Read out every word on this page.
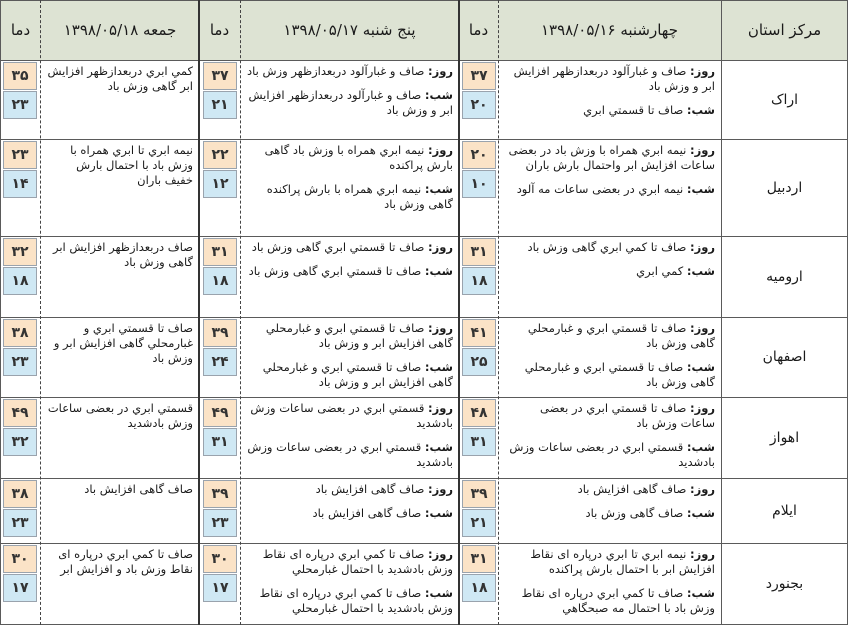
مرکز استان
چهارشنبه ۱۳۹۸/۰۵/۱۶
دما
پنج شنبه ۱۳۹۸/۰۵/۱۷
دما
جمعه ۱۳۹۸/۰۵/۱۸
دما
اراک
روز: صاف و غبارآلود دربعدازظهر افزايش ابر و وزش باد
شب: صاف تا قسمتي ابري
۳۷
۲۰
روز: صاف و غبارآلود دربعدازظهر وزش باد
شب: صاف و غبارآلود دربعدازظهر افزايش ابر و وزش باد
۳۷
۲۱
کمي ابري دربعدازظهر افزايش ابر گاهی وزش باد
۳۵
۲۳
اردبیل
روز: نيمه ابري همراه با وزش باد در بعضی ساعات افزايش ابر واحتمال بارش باران
شب: نيمه ابري در بعضی ساعات مه آلود
۲۰
۱۰
روز: نيمه ابري همراه با وزش باد گاهی بارش پراكنده
شب: نيمه ابري همراه با بارش پراكنده گاهی وزش باد
۲۲
۱۲
نيمه ابري تا ابري همراه با وزش باد با احتمال بارش خفيف باران
۲۳
۱۴
ارومیه
روز: صاف تا كمي ابري گاهی وزش باد
شب: كمي ابري
۳۱
۱۸
روز: صاف تا قسمتي ابري گاهی وزش باد
شب: صاف تا قسمتي ابري گاهی وزش باد
۳۱
۱۸
صاف دربعدازظهر افزايش ابر گاهی وزش باد
۳۲
۱۸
اصفهان
روز: صاف تا قسمتي ابري و غبارمحلي گاهی وزش باد
شب: صاف تا قسمتي ابري و غبارمحلي گاهی وزش باد
۴۱
۲۵
روز: صاف تا قسمتي ابري و غبارمحلي گاهی افزايش ابر و وزش باد
شب: صاف تا قسمتي ابري و غبارمحلي گاهی افزايش ابر و وزش باد
۳۹
۲۴
صاف تا قسمتي ابري و غبارمحلي گاهی افزايش ابر و وزش باد
۳۸
۲۳
اهواز
روز: صاف تا قسمتي ابري در بعضی ساعات وزش باد
شب: قسمتي ابري در بعضی ساعات وزش بادشديد
۴۸
۳۱
روز: قسمتي ابري در بعضی ساعات وزش بادشديد
شب: قسمتي ابري در بعضی ساعات وزش بادشديد
۴۹
۳۱
قسمتي ابري در بعضی ساعات وزش بادشديد
۴۹
۳۲
ایلام
روز: صاف گاهی افزايش باد
شب: صاف گاهی وزش باد
۳۹
۲۱
روز: صاف گاهی افزايش باد
شب: صاف گاهی افزايش باد
۳۹
۲۳
صاف گاهی افزايش باد
۳۸
۲۳
بجنورد
روز: نيمه ابري تا ابري درپاره ای نقاط افزايش ابر با احتمال بارش پراكنده
شب: صاف تا كمي ابري درپاره ای نقاط وزش باد با احتمال مه صبحگاهي
۳۱
۱۸
روز: صاف تا كمي ابري درپاره ای نقاط وزش بادشديد با احتمال غبارمحلي
شب: صاف تا كمي ابري درپاره ای نقاط وزش بادشديد با احتمال غبارمحلي
۳۰
۱۷
صاف تا كمي ابري درپاره ای نقاط وزش باد و افزايش ابر
۳۰
۱۷
